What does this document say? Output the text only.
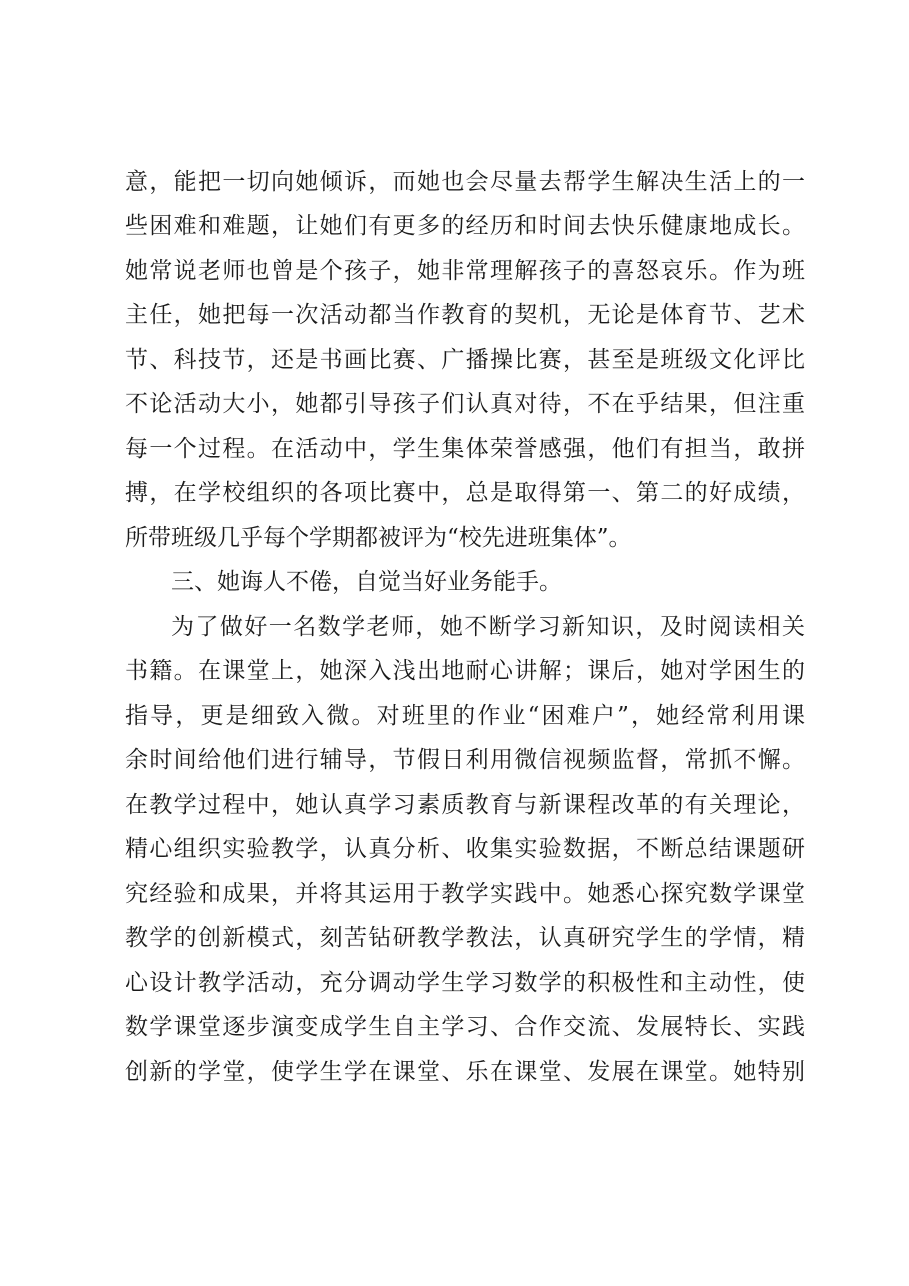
意，能把一切向她倾诉，而她也会尽量去帮学生解决生活上的一
些困难和难题，让她们有更多的经历和时间去快乐健康地成长。
她常说老师也曾是个孩子，她非常理解孩子的喜怒哀乐。作为班
主任，她把每一次活动都当作教育的契机，无论是体育节、艺术
节、科技节，还是书画比赛、广播操比赛，甚至是班级文化评比
不论活动大小，她都引导孩子们认真对待，不在乎结果，但注重
每一个过程。在活动中，学生集体荣誉感强，他们有担当，敢拼
搏，在学校组织的各项比赛中，总是取得第一、第二的好成绩，
所带班级几乎每个学期都被评为“校先进班集体”。
三、她诲人不倦，自觉当好业务能手。
为了做好一名数学老师，她不断学习新知识，及时阅读相关
书籍。在课堂上，她深入浅出地耐心讲解；课后，她对学困生的
指导，更是细致入微。对班里的作业“困难户”，她经常利用课
余时间给他们进行辅导，节假日利用微信视频监督，常抓不懈。
在教学过程中，她认真学习素质教育与新课程改革的有关理论，
精心组织实验教学，认真分析、收集实验数据，不断总结课题研
究经验和成果，并将其运用于教学实践中。她悉心探究数学课堂
教学的创新模式，刻苦钻研教学教法，认真研究学生的学情，精
心设计教学活动，充分调动学生学习数学的积极性和主动性，使
数学课堂逐步演变成学生自主学习、合作交流、发展特长、实践
创新的学堂，使学生学在课堂、乐在课堂、发展在课堂。她特别
